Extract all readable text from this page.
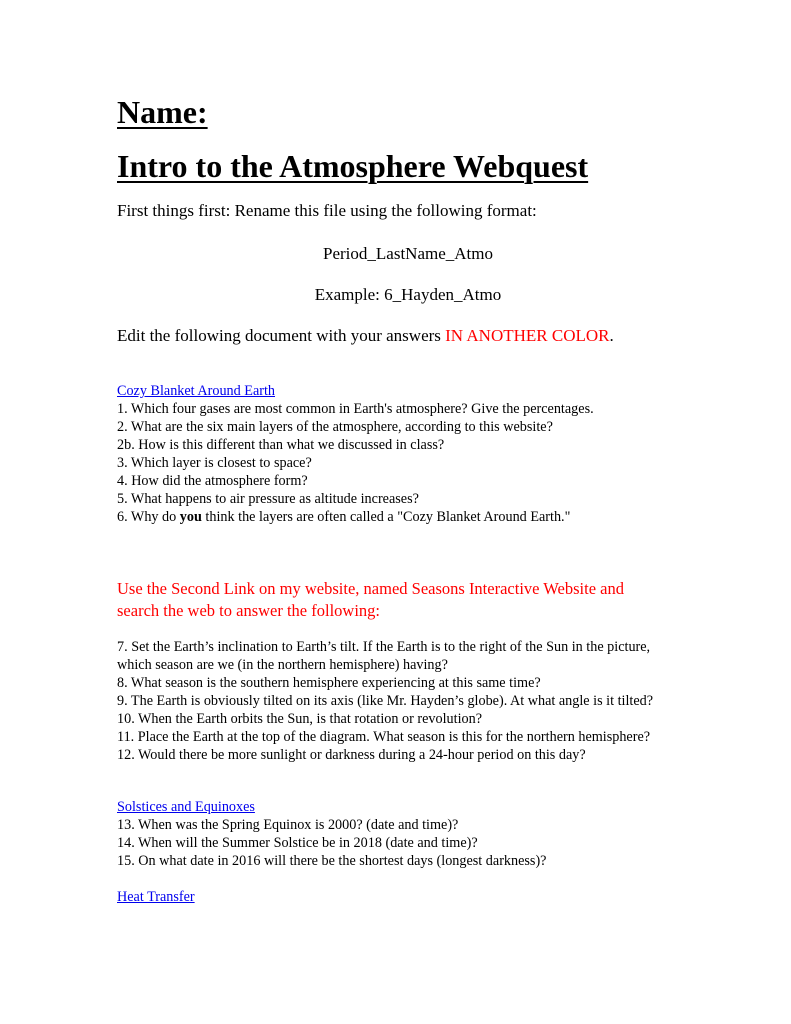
Name:
Intro to the Atmosphere Webquest
First things first: Rename this file using the following format:
Period_LastName_Atmo
Example: 6_Hayden_Atmo
Edit the following document with your answers IN ANOTHER COLOR.
Cozy Blanket Around Earth
1. Which four gases are most common in Earth's atmosphere? Give the percentages.
2. What are the six main layers of the atmosphere, according to this website?
2b. How is this different than what we discussed in class?
3. Which layer is closest to space?
4. How did the atmosphere form?
5. What happens to air pressure as altitude increases?
6. Why do you think the layers are often called a "Cozy Blanket Around Earth."
Use the Second Link on my website, named Seasons Interactive Website and
search the web to answer the following:
7. Set the Earth’s inclination to Earth’s tilt. If the Earth is to the right of the Sun in the picture,
which season are we (in the northern hemisphere) having?
8. What season is the southern hemisphere experiencing at this same time?
9. The Earth is obviously tilted on its axis (like Mr. Hayden’s globe). At what angle is it tilted?
10. When the Earth orbits the Sun, is that rotation or revolution?
11. Place the Earth at the top of the diagram. What season is this for the northern hemisphere?
12. Would there be more sunlight or darkness during a 24-hour period on this day?
Solstices and Equinoxes
13. When was the Spring Equinox is 2000? (date and time)?
14. When will the Summer Solstice be in 2018 (date and time)?
15. On what date in 2016 will there be the shortest days (longest darkness)?
Heat Transfer
